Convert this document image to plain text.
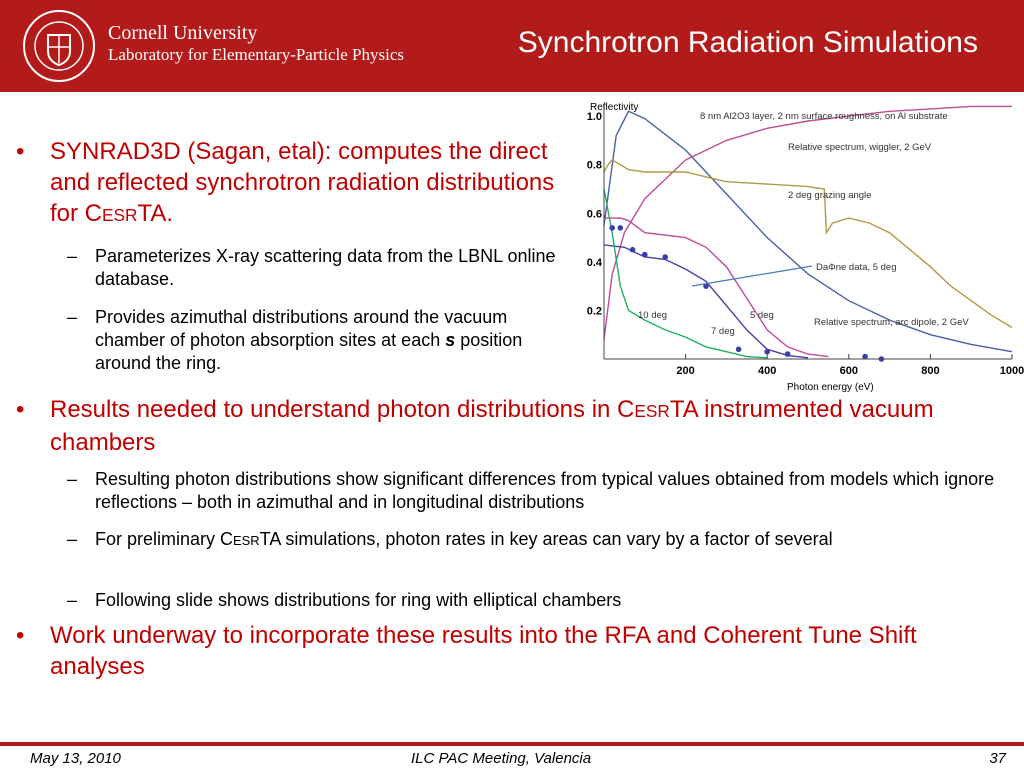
Cornell University
Laboratory for Elementary-Particle Physics	Synchrotron Radiation Simulations
• SYNRAD3D (Sagan, etal): computes the direct and reflected synchrotron radiation distributions for CESRTA.
– Parameterizes X-ray scattering data from the LBNL online database.
– Provides azimuthal distributions around the vacuum chamber of photon absorption sites at each s position around the ring.
• Results needed to understand photon distributions in CESRTA instrumented vacuum chambers
– Resulting photon distributions show significant differences from typical values obtained from models which ignore reflections – both in azimuthal and in longitudinal distributions
– For preliminary CESRTA simulations, photon rates in key areas can vary by a factor of several
– Following slide shows distributions for ring with elliptical chambers
• Work underway to incorporate these results into the RFA and Coherent Tune Shift analyses
200	400	600	800	1000
1.0
0.8
0.6
0.4
0.2
Reflectivity
Photon energy (eV)
8 nm Al2O3 layer, 2 nm surface roughness, on Al substrate
Relative spectrum, wiggler, 2 GeV
2 deg grazing angle
DaΦne data, 5 deg
10 deg	5 deg
7 deg
Relative spectrum, arc dipole, 2 GeV
May 13, 2010	ILC PAC Meeting, Valencia	37
